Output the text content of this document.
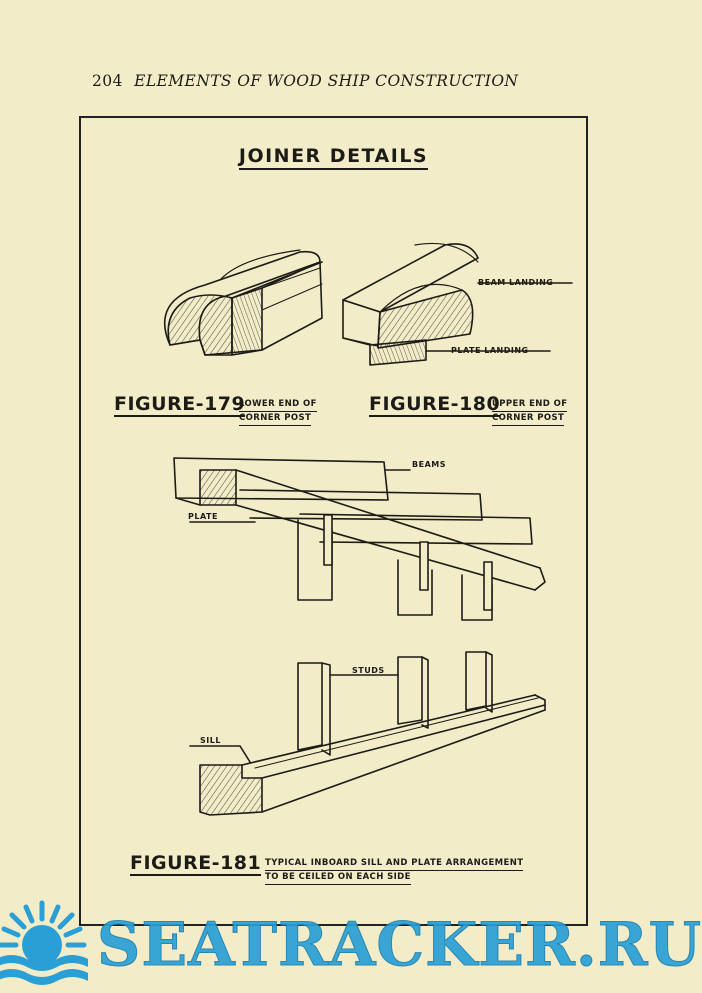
204 ELEMENTS OF WOOD SHIP CONSTRUCTION
JOINER DETAILS
FIGURE-179
LOWER END OF
CORNER POST
FIGURE-180
UPPER END OF
CORNER POST
BEAM LANDING
PLATE LANDING
BEAMS
PLATE
STUDS
SILL
FIGURE-181 TYPICAL INBOARD SILL AND PLATE ARRANGEMENT
TO BE CEILED ON EACH SIDE
SEATRACKER.RU
